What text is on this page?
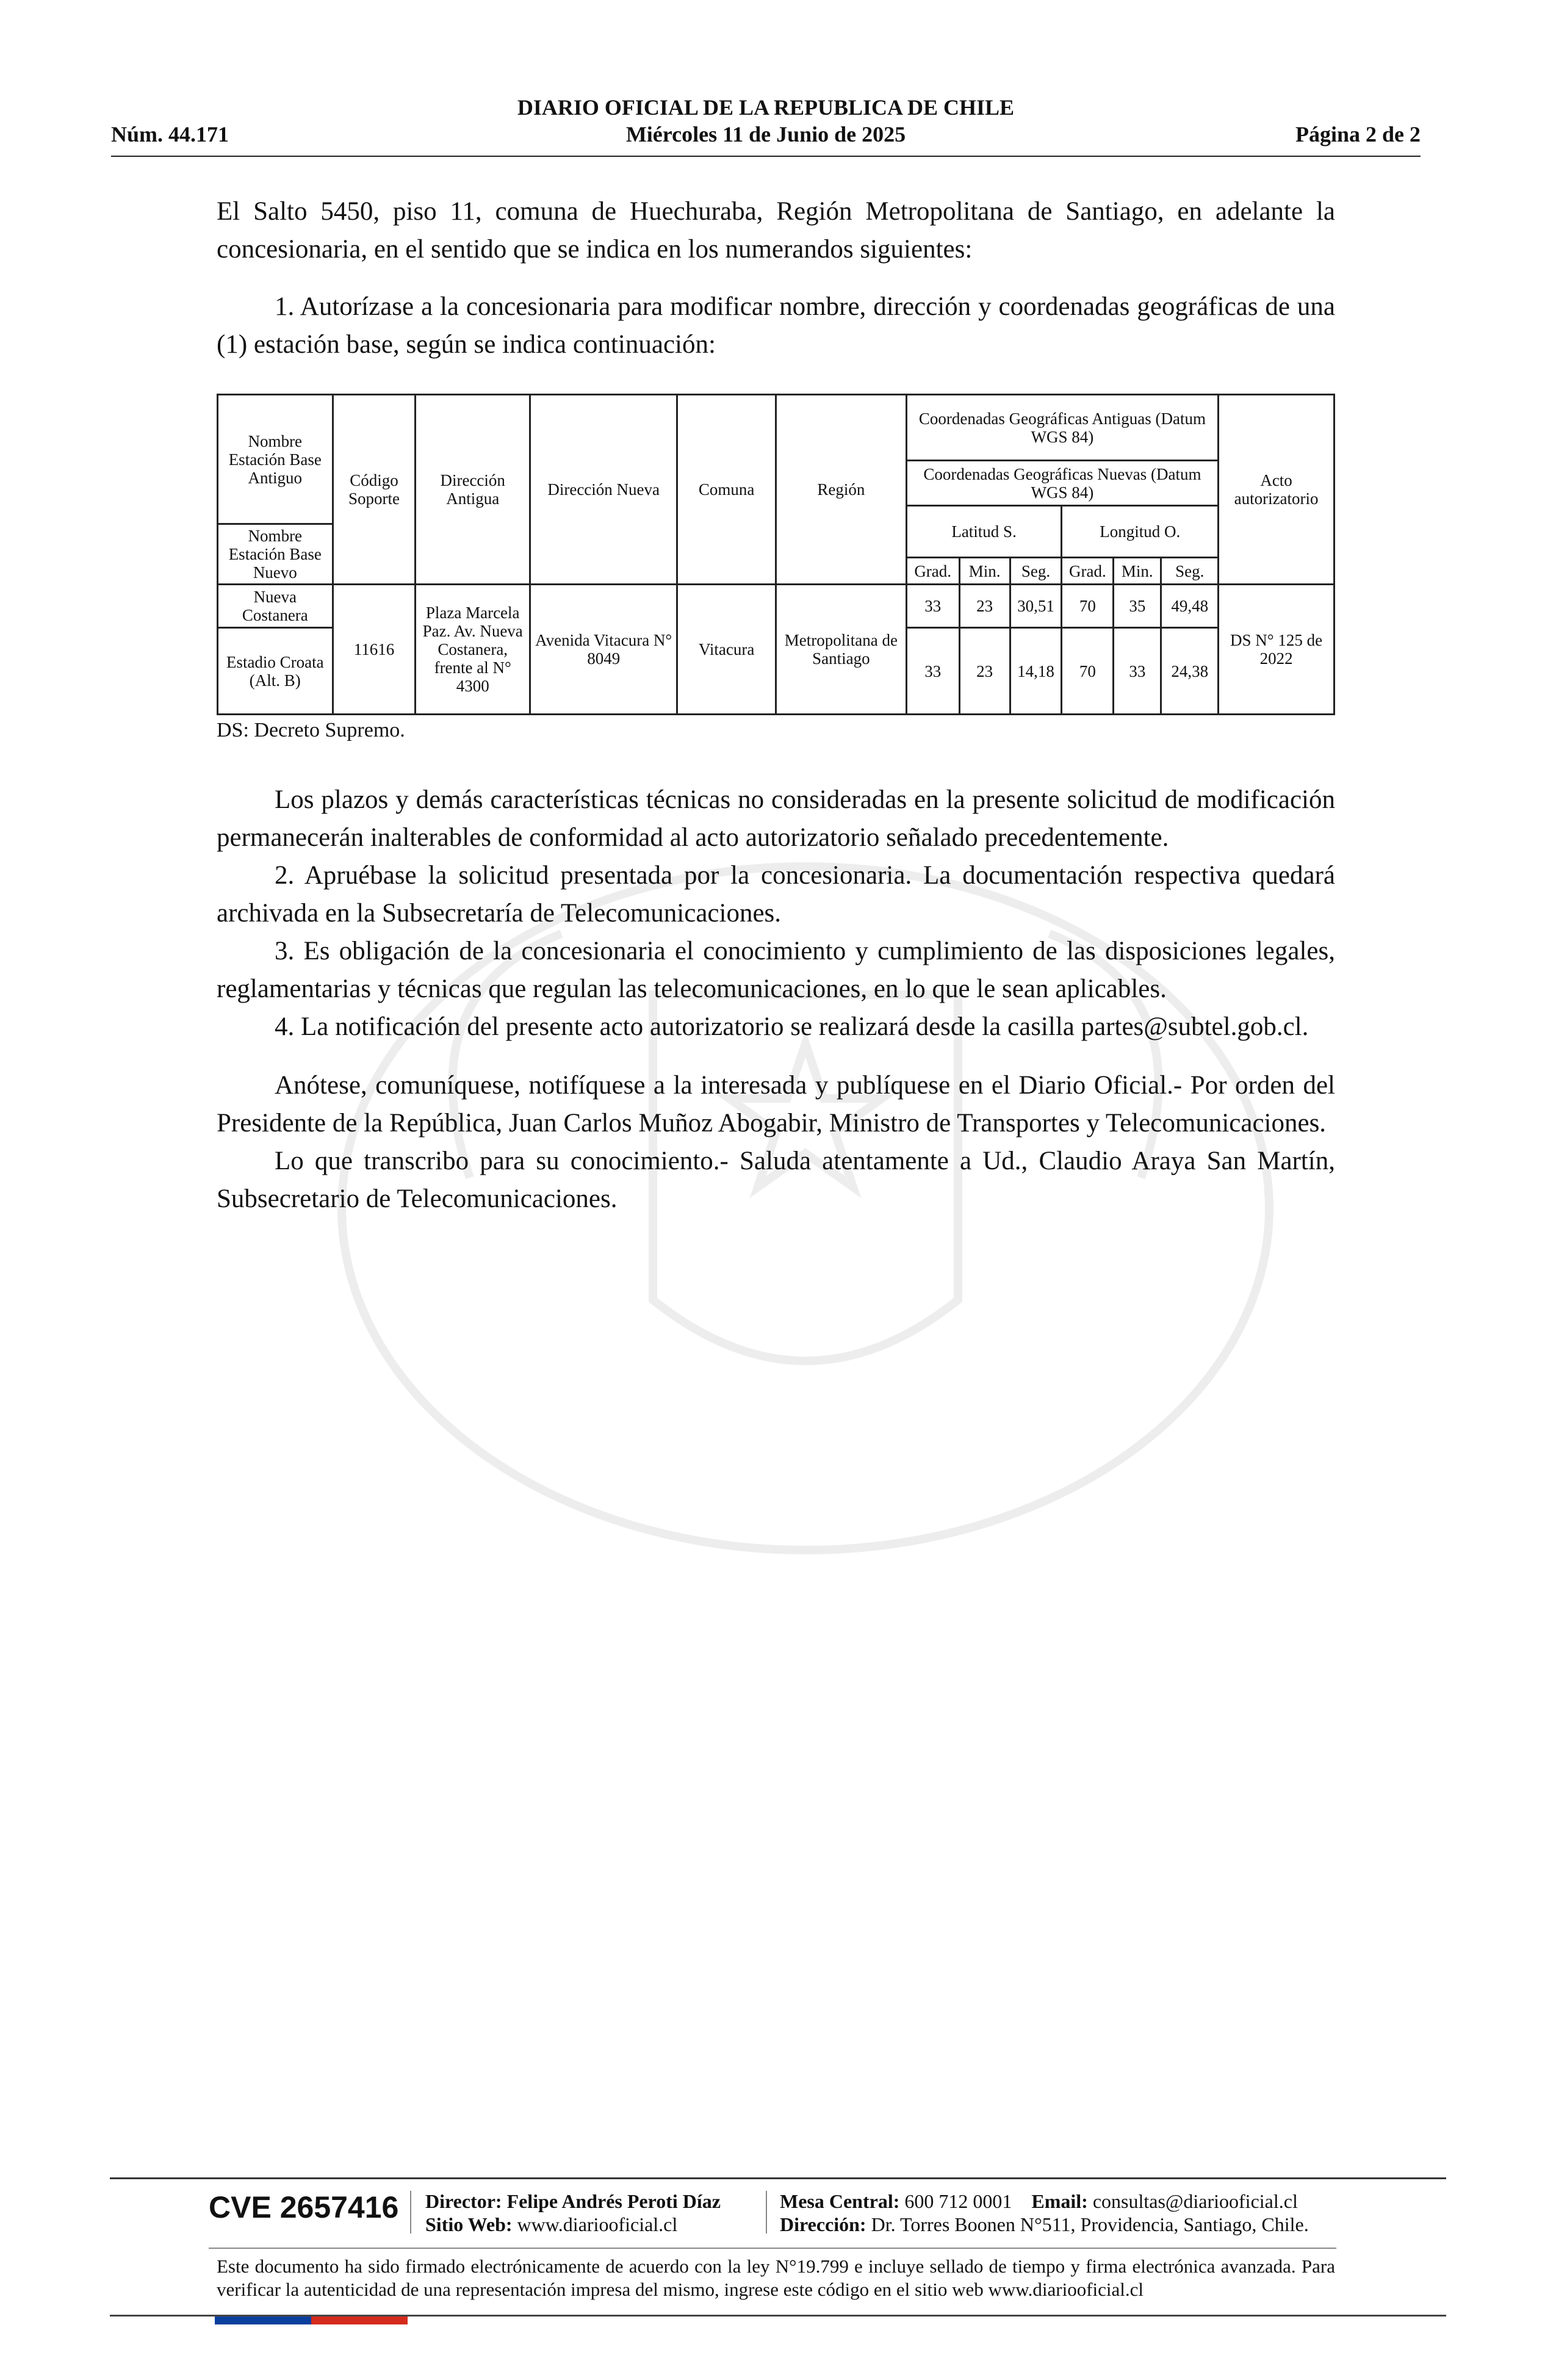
DIARIO OFICIAL DE LA REPUBLICA DE CHILE
Núm. 44.171	Miércoles 11 de Junio de 2025	Página 2 de 2

El Salto 5450, piso 11, comuna de Huechuraba, Región Metropolitana de Santiago, en adelante la concesionaria, en el sentido que se indica en los numerandos siguientes:

1. Autorízase a la concesionaria para modificar nombre, dirección y coordenadas geográficas de una (1) estación base, según se indica continuación:

Nombre Estación Base Antiguo	Código Soporte	Dirección Antigua	Dirección Nueva	Comuna	Región	Coordenadas Geográficas Antiguas (Datum WGS 84)						Acto autorizatorio
						Coordenadas Geográficas Nuevas (Datum WGS 84)						
						Latitud S.			Longitud O.			
Nombre Estación Base Nuevo												
						Grad.	Min.	Seg.	Grad.	Min.	Seg.	
Nueva Costanera	11616	Plaza Marcela Paz. Av. Nueva Costanera, frente al N° 4300	Avenida Vitacura N° 8049	Vitacura	Metropolitana de Santiago	33	23	30,51	70	35	49,48	DS N° 125 de 2022
Estadio Croata (Alt. B)						33	23	14,18	70	33	24,38	
DS: Decreto Supremo.

Los plazos y demás características técnicas no consideradas en la presente solicitud de modificación permanecerán inalterables de conformidad al acto autorizatorio señalado precedentemente.

2. Apruébase la solicitud presentada por la concesionaria. La documentación respectiva quedará archivada en la Subsecretaría de Telecomunicaciones.

3. Es obligación de la concesionaria el conocimiento y cumplimiento de las disposiciones legales, reglamentarias y técnicas que regulan las telecomunicaciones, en lo que le sean aplicables.

4. La notificación del presente acto autorizatorio se realizará desde la casilla partes@subtel.gob.cl.

Anótese, comuníquese, notifíquese a la interesada y publíquese en el Diario Oficial.- Por orden del Presidente de la República, Juan Carlos Muñoz Abogabir, Ministro de Transportes y Telecomunicaciones.

Lo que transcribo para su conocimiento.- Saluda atentamente a Ud., Claudio Araya San Martín, Subsecretario de Telecomunicaciones.

CVE 2657416 Director: Felipe Andrés Peroti Díaz
Sitio Web: www.diariooficial.cl
Mesa Central: 600 712 0001 Email: consultas@diariooficial.cl
Dirección: Dr. Torres Boonen N°511, Providencia, Santiago, Chile.
Este documento ha sido firmado electrónicamente de acuerdo con la ley N°19.799 e incluye sellado de tiempo y firma electrónica avanzada. Para verificar la autenticidad de una representación impresa del mismo, ingrese este código en el sitio web www.diariooficial.cl
